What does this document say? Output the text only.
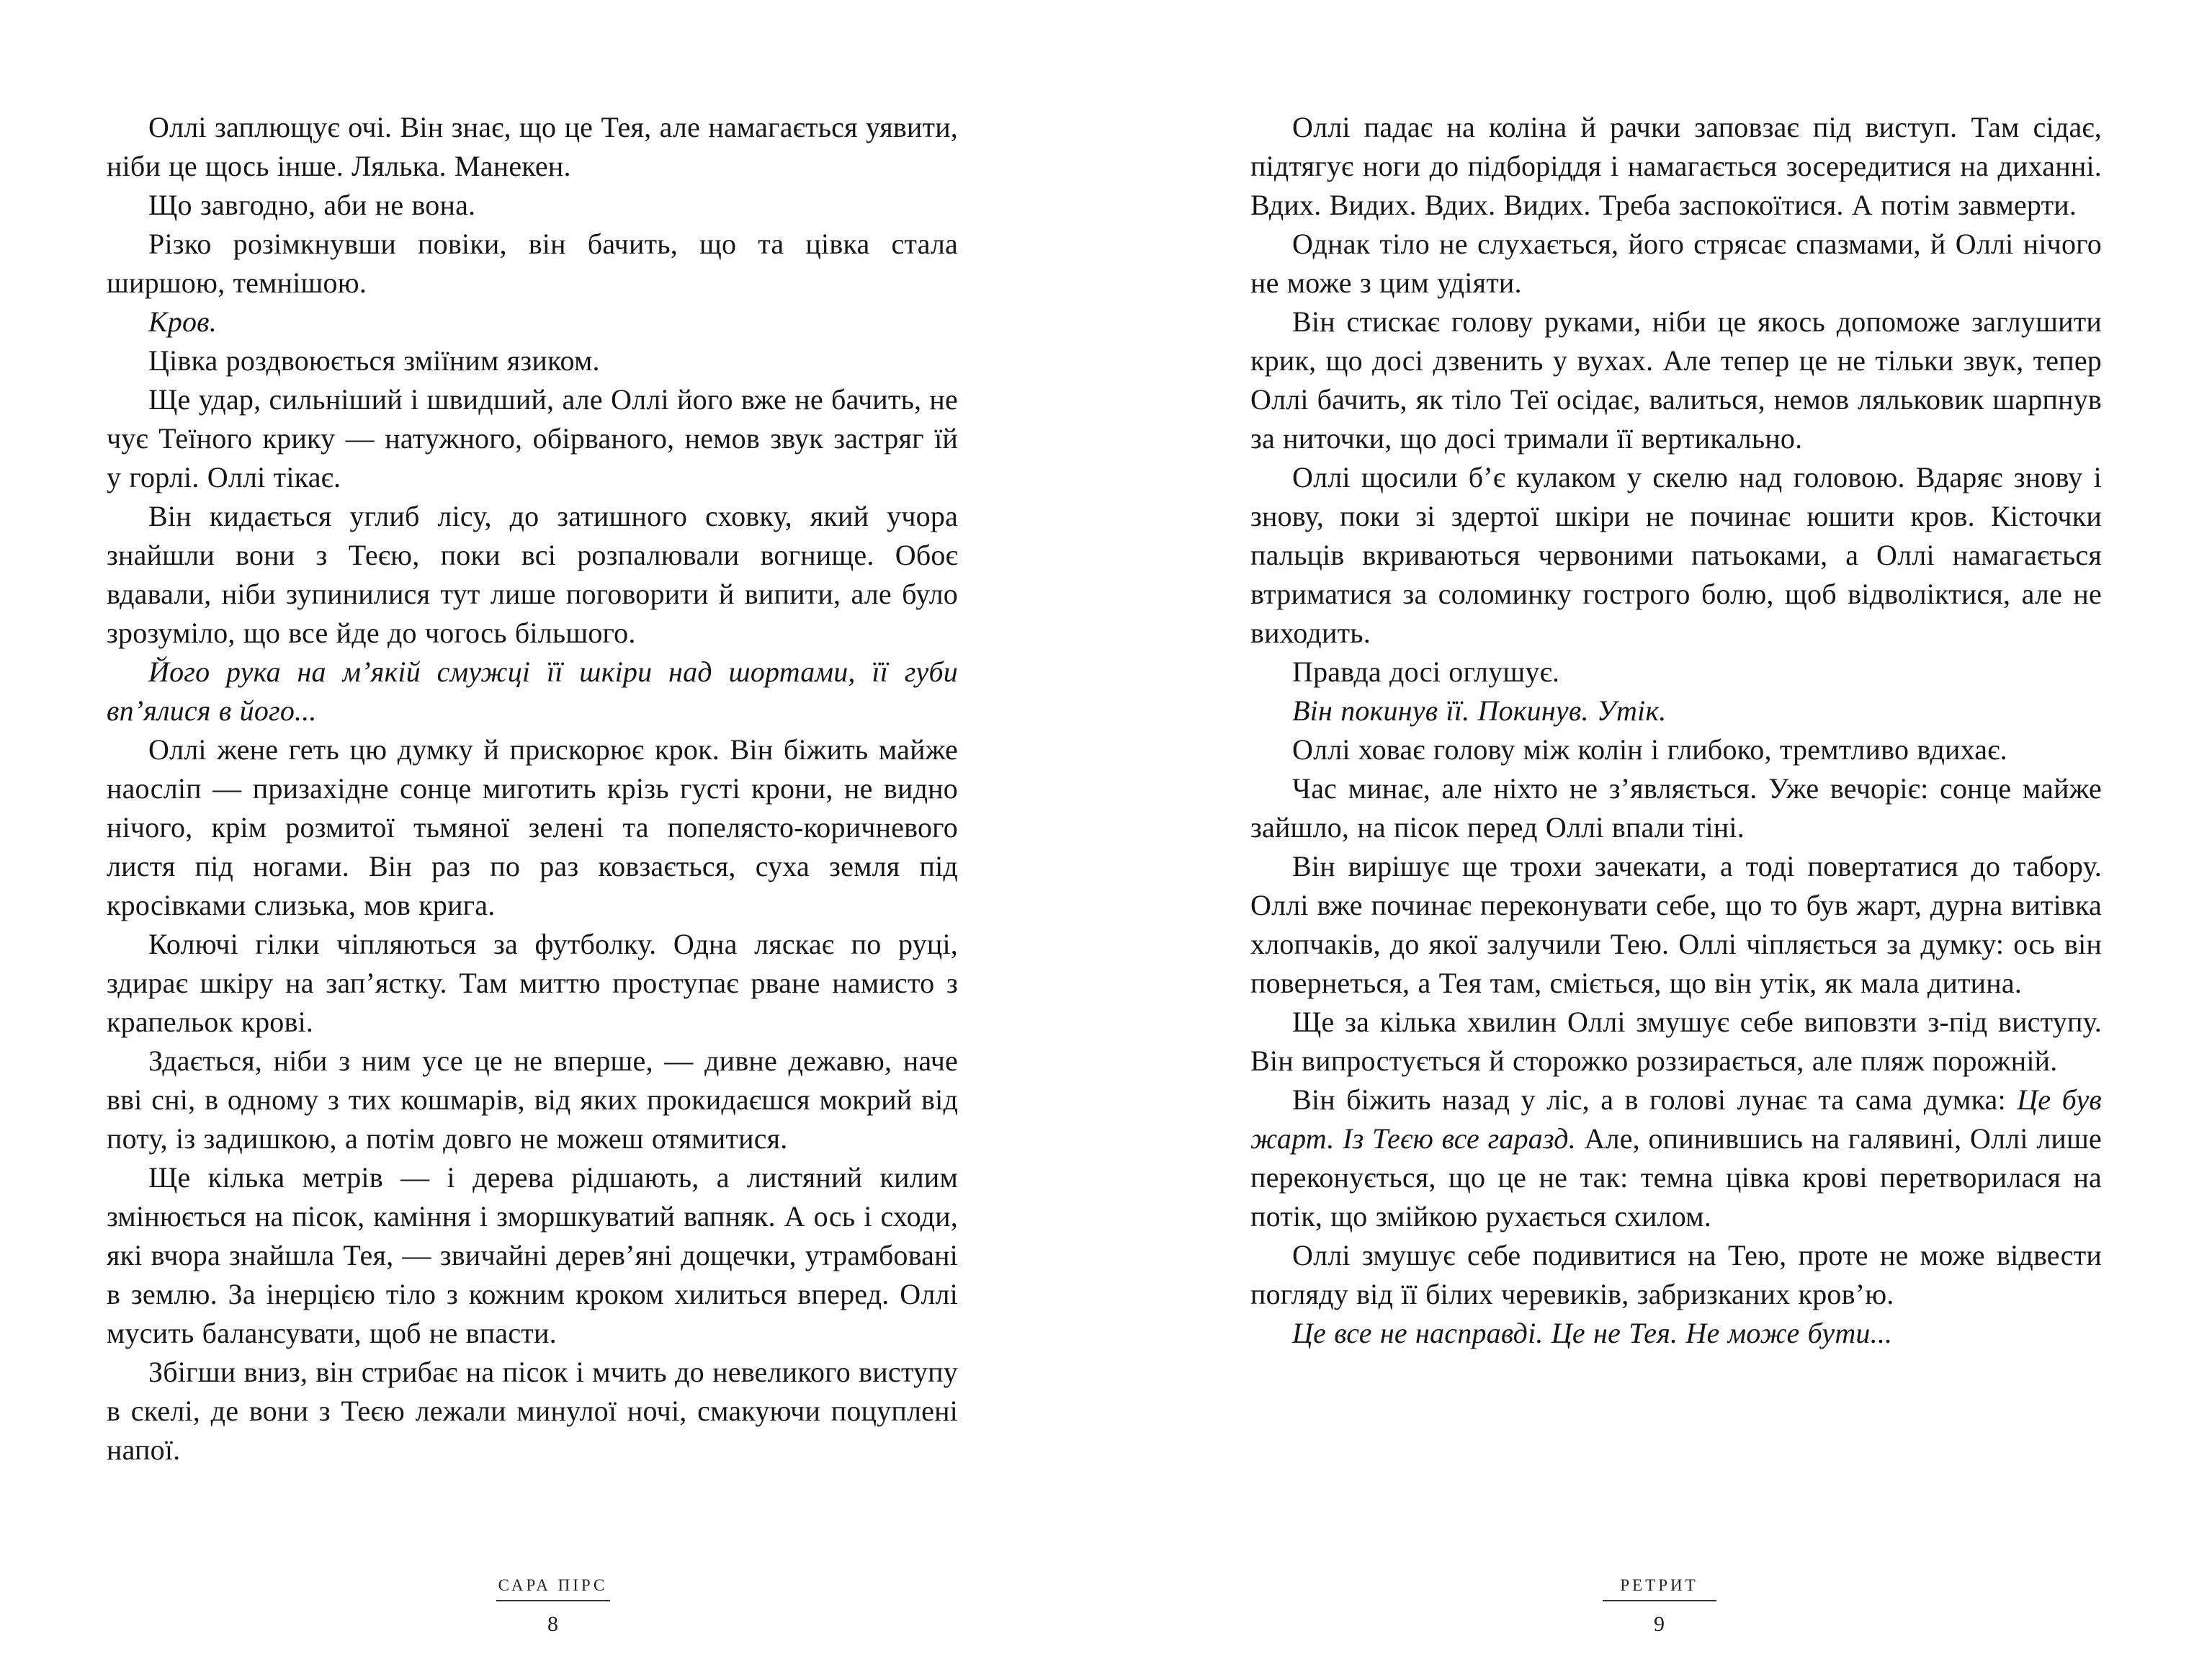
Оллі заплющує очі. Він знає, що це Тея, але намагається уявити, ніби це щось інше. Лялька. Манекен.

Що завгодно, аби не вона.

Різко розімкнувши повіки, він бачить, що та цівка стала ширшою, темнішою.

Кров.

Цівка роздвоюється зміїним язиком.

Ще удар, сильніший і швидший, але Оллі його вже не бачить, не чує Теїного крику — натужного, обірваного, немов звук застряг їй у горлі. Оллі тікає.

Він кидається углиб лісу, до затишного сховку, який учора знайшли вони з Теєю, поки всі розпалювали вогнище. Обоє вдавали, ніби зупинилися тут лише поговорити й випити, але було зрозуміло, що все йде до чогось більшого.

Його рука на м’якій смужці її шкіри над шортами, її губи вп’ялися в його...

Оллі жене геть цю думку й прискорює крок. Він біжить майже наосліп — призахідне сонце миготить крізь густі крони, не видно нічого, крім розмитої тьмяної зелені та попелясто-коричневого листя під ногами. Він раз по раз ковзається, суха земля під кросівками слизька, мов крига.

Колючі гілки чіпляються за футболку. Одна ляскає по руці, здирає шкіру на зап’ястку. Там миттю проступає рване намисто з крапельок крові.

Здається, ніби з ним усе це не вперше, — дивне дежавю, наче вві сні, в одному з тих кошмарів, від яких прокидаєшся мокрий від поту, із задишкою, а потім довго не можеш отямитися.

Ще кілька метрів — і дерева рідшають, а листяний килим змінюється на пісок, каміння і зморшкуватий вапняк. А ось і сходи, які вчора знайшла Тея, — звичайні дерев’яні дощечки, утрамбовані в землю. За інерцією тіло з кожним кроком хилиться вперед. Оллі мусить балансувати, щоб не впасти.

Збігши вниз, він стрибає на пісок і мчить до невеликого виступу в скелі, де вони з Теєю лежали минулої ночі, смакуючи поцуплені напої.

САРА ПІРС
8

Оллі падає на коліна й рачки заповзає під виступ. Там сідає, підтягує ноги до підборіддя і намагається зосередитися на диханні. Вдих. Видих. Вдих. Видих. Треба заспокоїтися. А потім завмерти.

Однак тіло не слухається, його стрясає спазмами, й Оллі нічого не може з цим удіяти.

Він стискає голову руками, ніби це якось допоможе заглушити крик, що досі дзвенить у вухах. Але тепер це не тільки звук, тепер Оллі бачить, як тіло Теї осідає, валиться, немов ляльковик шарпнув за ниточки, що досі тримали її вертикально.

Оллі щосили б’є кулаком у скелю над головою. Вдаряє знову і знову, поки зі здертої шкіри не починає юшити кров. Кісточки пальців вкриваються червоними патьоками, а Оллі намагається втриматися за соломинку гострого болю, щоб відволіктися, але не виходить.

Правда досі оглушує.

Він покинув її. Покинув. Утік.

Оллі ховає голову між колін і глибоко, тремтливо вдихає.

Час минає, але ніхто не з’являється. Уже вечоріє: сонце майже зайшло, на пісок перед Оллі впали тіні.

Він вирішує ще трохи зачекати, а тоді повертатися до табору. Оллі вже починає переконувати себе, що то був жарт, дурна витівка хлопчаків, до якої залучили Тею. Оллі чіпляється за думку: ось він повернеться, а Тея там, сміється, що він утік, як мала дитина.

Ще за кілька хвилин Оллі змушує себе виповзти з-під виступу. Він випростується й сторожко роззирається, але пляж порожній.

Він біжить назад у ліс, а в голові лунає та сама думка: Це був жарт. Із Теєю все гаразд. Але, опинившись на галявині, Оллі лише переконується, що це не так: темна цівка крові перетворилася на потік, що змійкою рухається схилом.

Оллі змушує себе подивитися на Тею, проте не може відвести погляду від її білих черевиків, забризканих кров’ю.

Це все не насправді. Це не Тея. Не може бути...

РЕТРИТ
9
